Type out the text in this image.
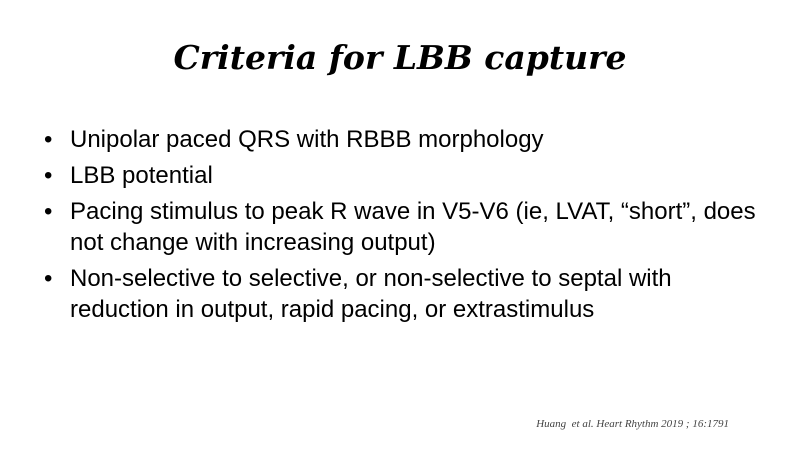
Criteria for LBB capture
• Unipolar paced QRS with RBBB morphology
• LBB potential
• Pacing stimulus to peak R wave in V5-V6 (ie, LVAT, “short”, does not change with increasing output)
• Non-selective to selective, or non-selective to septal with reduction in output, rapid pacing, or extrastimulus
Huang  et al. Heart Rhythm 2019 ; 16:1791
